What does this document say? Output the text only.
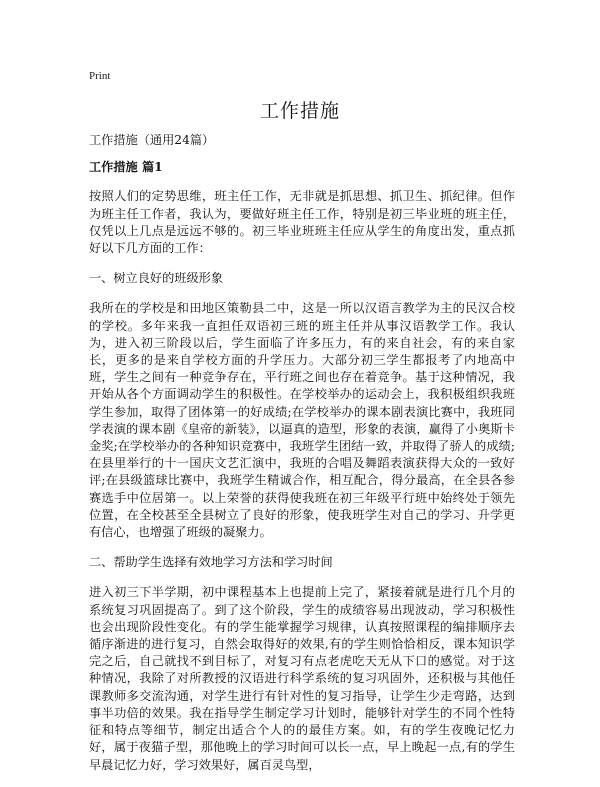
Print
工作措施

工作措施（通用24篇）

工作措施 篇1

按照人们的定势思维，班主任工作，无非就是抓思想、抓卫生、抓纪律。但作为班主任工作者，我认为，要做好班主任工作，特别是初三毕业班的班主任，仅凭以上几点是远远不够的。初三毕业班班主任应从学生的角度出发，重点抓好以下几方面的工作：

一、树立良好的班级形象

我所在的学校是和田地区策勒县二中，这是一所以汉语言教学为主的民汉合校的学校。多年来我一直担任双语初三班的班主任并从事汉语教学工作。我认为，进入初三阶段以后，学生面临了许多压力，有的来自社会，有的来自家长，更多的是来自学校方面的升学压力。大部分初三学生都报考了内地高中班，学生之间有一种竞争存在，平行班之间也存在着竞争。基于这种情况，我开始从各个方面调动学生的积极性。在学校举办的运动会上，我积极组织我班学生参加，取得了团体第一的好成绩;在学校举办的课本剧表演比赛中，我班同学表演的课本剧《皇帝的新装》，以逼真的造型，形象的表演，赢得了小奥斯卡金奖;在学校举办的各种知识竞赛中，我班学生团结一致，并取得了骄人的成绩;在县里举行的十一国庆文艺汇演中，我班的合唱及舞蹈表演获得大众的一致好评;在县级篮球比赛中，我班学生精诚合作，相互配合，得分最高，在全县各参赛选手中位居第一。以上荣誉的获得使我班在初三年级平行班中始终处于领先位置，在全校甚至全县树立了良好的形象，使我班学生对自己的学习、升学更有信心，也增强了班级的凝聚力。

二、帮助学生选择有效地学习方法和学习时间

进入初三下半学期，初中课程基本上也提前上完了，紧接着就是进行几个月的系统复习巩固提高了。到了这个阶段，学生的成绩容易出现波动，学习积极性也会出现阶段性变化。有的学生能掌握学习规律，认真按照课程的编排顺序去循序渐进的进行复习，自然会取得好的效果,有的学生则恰恰相反，课本知识学完之后，自己就找不到目标了，对复习有点老虎吃天无从下口的感觉。对于这种情况，我除了对所教授的汉语进行科学系统的复习巩固外，还积极与其他任课教师多交流沟通，对学生进行有针对性的复习指导，让学生少走弯路，达到事半功倍的效果。我在指导学生制定学习计划时，能够针对学生的不同个性特征和特点等细节，制定出适合个人的的最佳方案。如，有的学生夜晚记忆力好，属于夜猫子型，那他晚上的学习时间可以长一点，早上晚起一点,有的学生早晨记忆力好，学习效果好，属百灵鸟型，
